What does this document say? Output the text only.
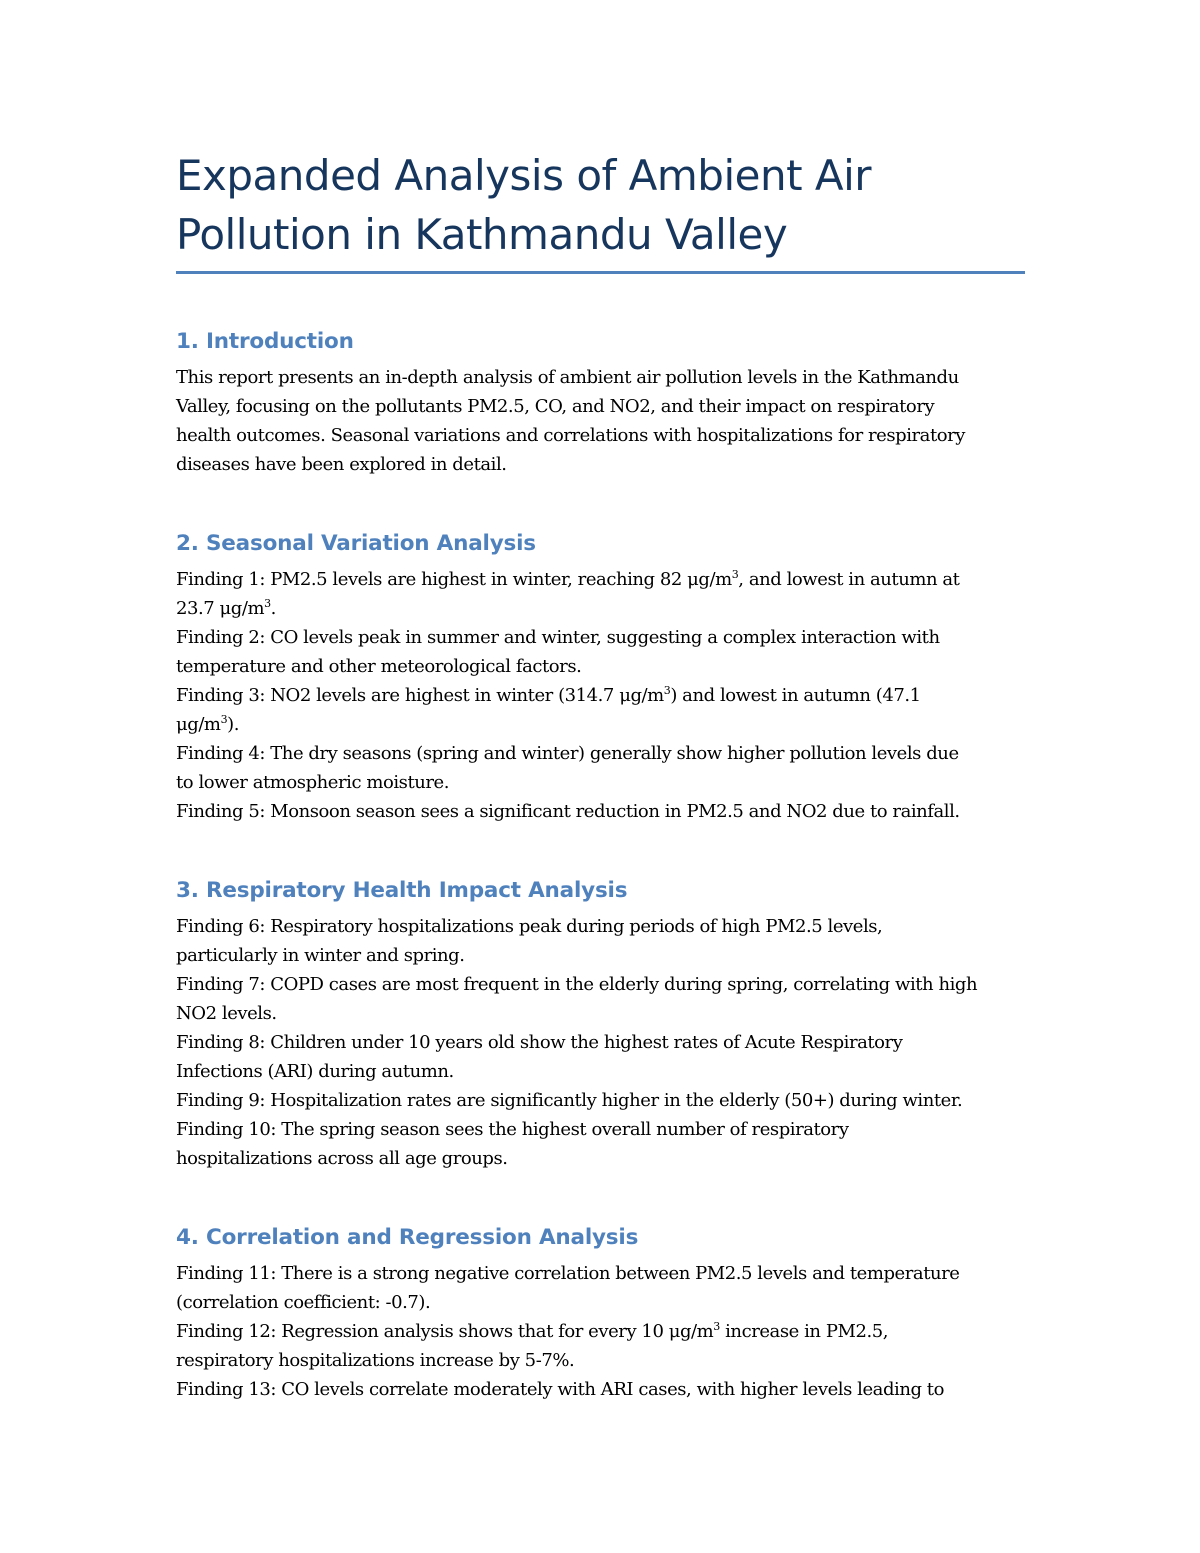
Expanded Analysis of Ambient Air
Pollution in Kathmandu Valley
1. Introduction

This report presents an in-depth analysis of ambient air pollution levels in the Kathmandu
Valley, focusing on the pollutants PM2.5, CO, and NO2, and their impact on respiratory
health outcomes. Seasonal variations and correlations with hospitalizations for respiratory
diseases have been explored in detail.

2. Seasonal Variation Analysis

Finding 1: PM2.5 levels are highest in winter, reaching 82 $\mu g/m^3$, and lowest in autumn at
23.7 $\mu g/m^3$.
Finding 2: CO levels peak in summer and winter, suggesting a complex interaction with
temperature and other meteorological factors.
Finding 3: NO2 levels are highest in winter (314.7 $\mu g/m^3$) and lowest in autumn (47.1
$\mu g/m^3$).
Finding 4: The dry seasons (spring and winter) generally show higher pollution levels due
to lower atmospheric moisture.
Finding 5: Monsoon season sees a significant reduction in PM2.5 and NO2 due to rainfall.

3. Respiratory Health Impact Analysis

Finding 6: Respiratory hospitalizations peak during periods of high PM2.5 levels,
particularly in winter and spring.
Finding 7: COPD cases are most frequent in the elderly during spring, correlating with high
NO2 levels.
Finding 8: Children under 10 years old show the highest rates of Acute Respiratory
Infections (ARI) during autumn.
Finding 9: Hospitalization rates are significantly higher in the elderly (50+) during winter.
Finding 10: The spring season sees the highest overall number of respiratory
hospitalizations across all age groups.

4. Correlation and Regression Analysis

Finding 11: There is a strong negative correlation between PM2.5 levels and temperature
(correlation coefficient: -0.7).
Finding 12: Regression analysis shows that for every 10 $\mu g/m^3$ increase in PM2.5,
respiratory hospitalizations increase by 5-7%.
Finding 13: CO levels correlate moderately with ARI cases, with higher levels leading to
